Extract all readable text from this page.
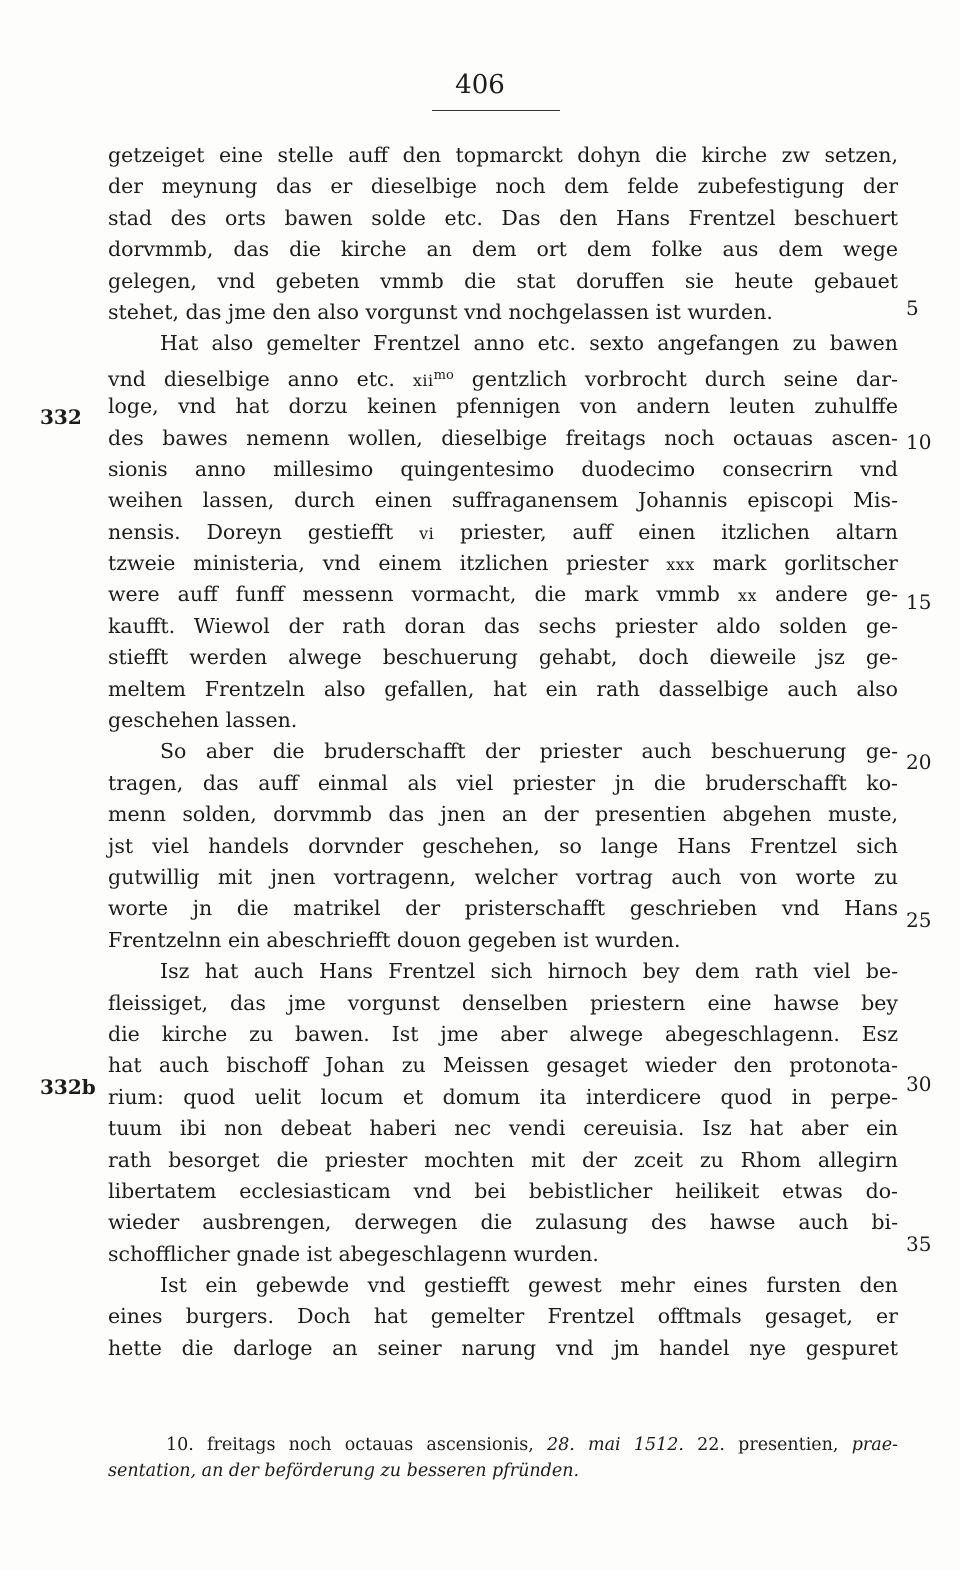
406
getzeiget eine stelle auff den topmarckt dohyn die kirche zw setzen,
der meynung das er dieselbige noch dem felde zubefestigung der
stad des orts bawen solde etc. Das den Hans Frentzel beschuert
dorvmmb, das die kirche an dem ort dem folke aus dem wege
gelegen, vnd gebeten vmmb die stat doruffen sie heute gebauet
stehet, das jme den also vorgunst vnd nochgelassen ist wurden.
Hat also gemelter Frentzel anno etc. sexto angefangen zu bawen
vnd dieselbige anno etc. xii$^{mo}$ gentzlich vorbrocht durch seine dar-
loge, vnd hat dorzu keinen pfennigen von andern leuten zuhulffe
des bawes nemenn wollen, dieselbige freitags noch octauas ascen-
sionis anno millesimo quingentesimo duodecimo consecrirn vnd
weihen lassen, durch einen suffraganensem Johannis episcopi Mis-
nensis. Doreyn gestiefft vi priester, auff einen itzlichen altarn
tzweie ministeria, vnd einem itzlichen priester xxx mark gorlitscher
were auff funff messenn vormacht, die mark vmmb xx andere ge-
kaufft. Wiewol der rath doran das sechs priester aldo solden ge-
stiefft werden alwege beschuerung gehabt, doch dieweile jsz ge-
meltem Frentzeln also gefallen, hat ein rath dasselbige auch also
geschehen lassen.
So aber die bruderschafft der priester auch beschuerung ge-
tragen, das auff einmal als viel priester jn die bruderschafft ko-
menn solden, dorvmmb das jnen an der presentien abgehen muste,
jst viel handels dorvnder geschehen, so lange Hans Frentzel sich
gutwillig mit jnen vortragenn, welcher vortrag auch von worte zu
worte jn die matrikel der pristerschafft geschrieben vnd Hans
Frentzelnn ein abeschriefft douon gegeben ist wurden.
Isz hat auch Hans Frentzel sich hirnoch bey dem rath viel be-
fleissiget, das jme vorgunst denselben priestern eine hawse bey
die kirche zu bawen. Ist jme aber alwege abegeschlagenn. Esz
hat auch bischoff Johan zu Meissen gesaget wieder den protonota-
rium: quod uelit locum et domum ita interdicere quod in perpe-
tuum ibi non debeat haberi nec vendi cereuisia. Isz hat aber ein
rath besorget die priester mochten mit der zceit zu Rhom allegirn
libertatem ecclesiasticam vnd bei bebistlicher heilikeit etwas do-
wieder ausbrengen, derwegen die zulasung des hawse auch bi-
schofflicher gnade ist abegeschlagenn wurden.
Ist ein gebewde vnd gestiefft gewest mehr eines fursten den
eines burgers. Doch hat gemelter Frentzel offtmals gesaget, er
hette die darloge an seiner narung vnd jm handel nye gespuret
332
332b
5
10
15
20
25
30
35
10. freitags noch octauas ascensionis, 28. mai 1512. 22. presentien, prae-
sentation, an der beförderung zu besseren pfründen.
